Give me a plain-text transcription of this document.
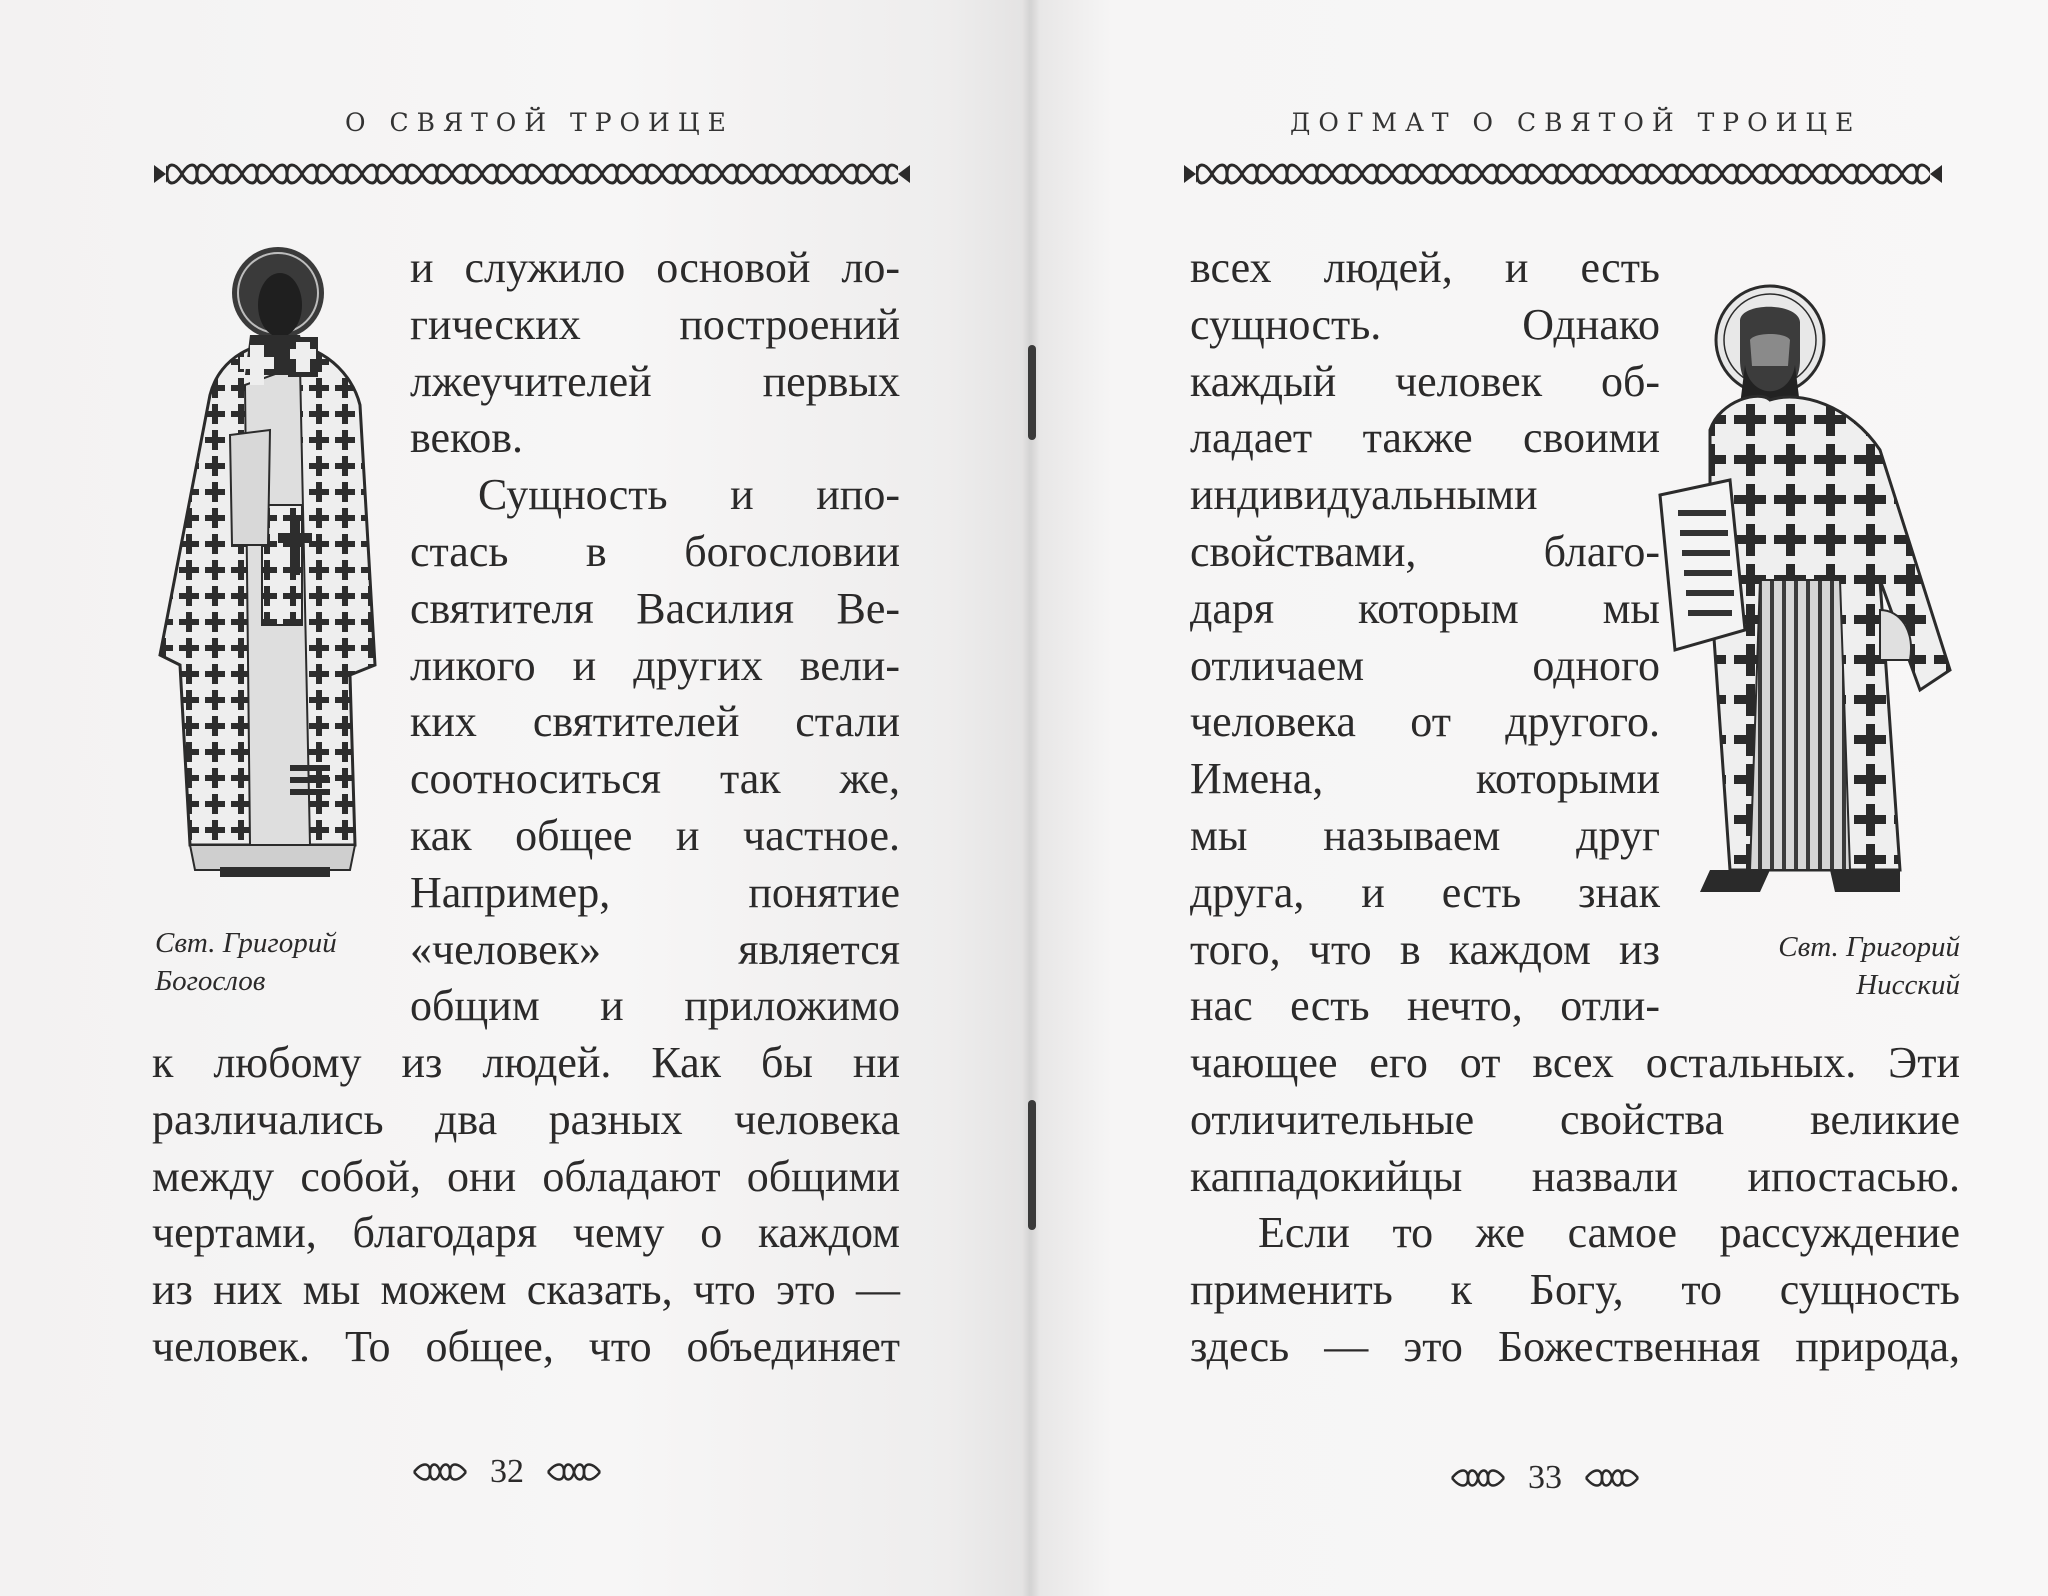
О СВЯТОЙ ТРОИЦЕ
Свт. Григорий
Богослов
и служило основой ло-
гических построений
лжеучителей первых
веков.
Сущность и ипо-
стась в богословии
святителя Василия Ве-
ликого и других вели-
ких святителей стали
соотноситься так же,
как общее и частное.
Например, понятие
«человек» является
общим и приложимо
к любому из людей. Как бы ни
различались два разных человека
между собой, они обладают общими
чертами, благодаря чему о каждом
из них мы можем сказать, что это —
человек. То общее, что объединяет
32
ДОГМАТ О СВЯТОЙ ТРОИЦЕ
всех людей, и есть
сущность. Однако
каждый человек об-
ладает также своими
индивидуальными
свойствами, благо-
даря которым мы
отличаем одного
человека от другого.
Имена, которыми
мы называем друг
друга, и есть знак
того, что в каждом из
нас есть нечто, отли-
Свт. Григорий
Нисский
чающее его от всех остальных. Эти
отличительные свойства великие
каппадокийцы назвали ипостасью.
Если то же самое рассуждение
применить к Богу, то сущность
здесь — это Божественная природа,
33
